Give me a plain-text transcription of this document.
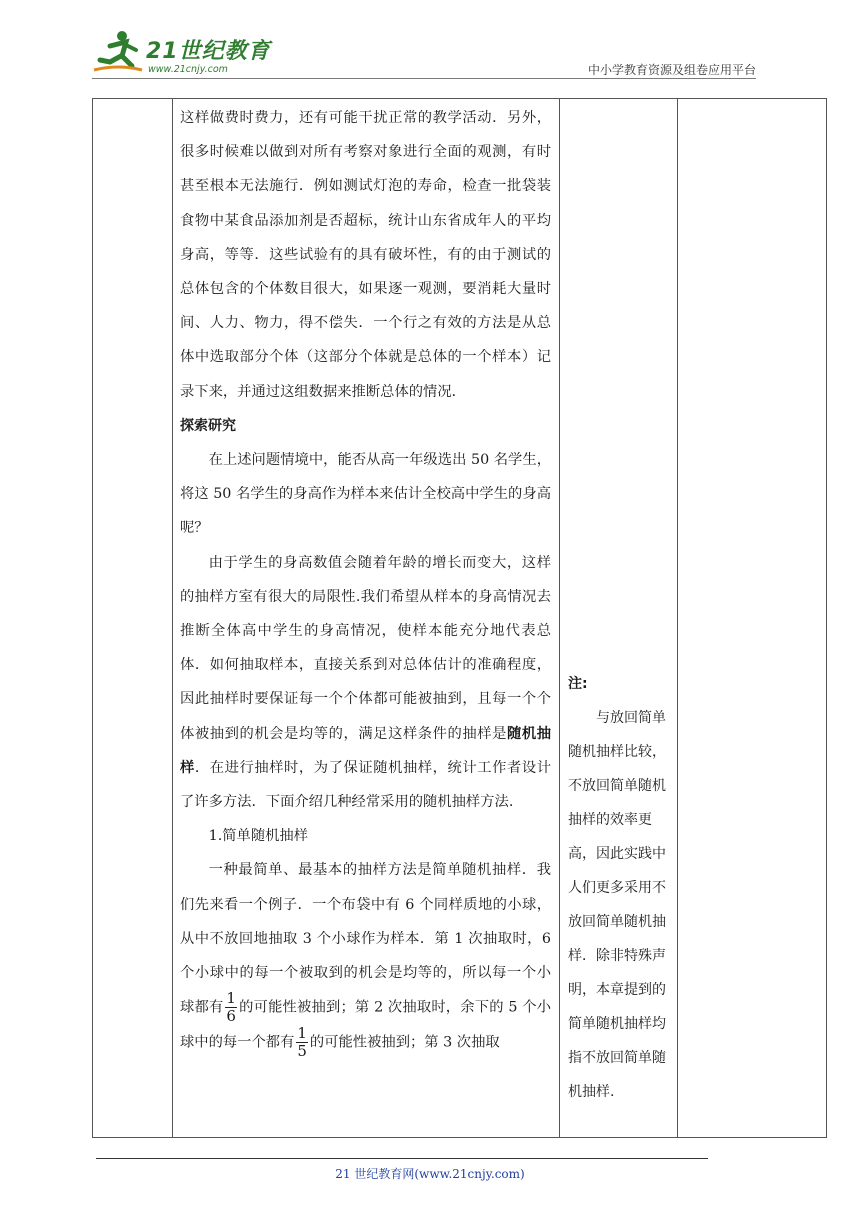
21世纪教育
www.21cnjy.com	中小学教育资源及组卷应用平台

这样做费时费力，还有可能干扰正常的教学活动．另外，很多时候难以做到对所有考察对象进行全面的观测，有时甚至根本无法施行．例如测试灯泡的寿命，检查一批袋装食物中某食品添加剂是否超标，统计山东省成年人的平均身高，等等．这些试验有的具有破坏性，有的由于测试的总体包含的个体数目很大，如果逐一观测，要消耗大量时间、人力、物力，得不偿失．一个行之有效的方法是从总体中选取部分个体（这部分个体就是总体的一个样本）记录下来，并通过这组数据来推断总体的情况．

探索研究

在上述问题情境中，能否从高一年级选出 50 名学生，将这 50 名学生的身高作为样本来估计全校高中学生的身高呢？

由于学生的身高数值会随着年龄的增长而变大，这样的抽样方室有很大的局限性.我们希望从样本的身高情况去推断全体高中学生的身高情况，使样本能充分地代表总体．如何抽取样本，直接关系到对总体估计的准确程度，因此抽样时要保证每一个个体都可能被抽到，且每一个个体被抽到的机会是均等的，满足这样条件的抽样是随机抽样．在进行抽样时，为了保证随机抽样，统计工作者设计了许多方法．下面介绍几种经常采用的随机抽样方法.

1.简单随机抽样

一种最简单、最基本的抽样方法是简单随机抽样．我们先来看一个例子．一个布袋中有 6 个同样质地的小球，从中不放回地抽取 3 个小球作为样本．第 1 次抽取时，6 个小球中的每一个被取到的机会是均等的，所以每一个小球都有 $\frac{1}{6}$ 的可能性被抽到；第 2 次抽取时，余下的 5 个小球中的每一个都有 $\frac{1}{5}$ 的可能性被抽到；第 3 次抽取

注:

与放回简单随机抽样比较，不放回简单随机抽样的效率更高，因此实践中人们更多采用不放回简单随机抽样．除非特殊声明，本章提到的简单随机抽样均指不放回简单随机抽样.

21 世纪教育网(www.21cnjy.com)
